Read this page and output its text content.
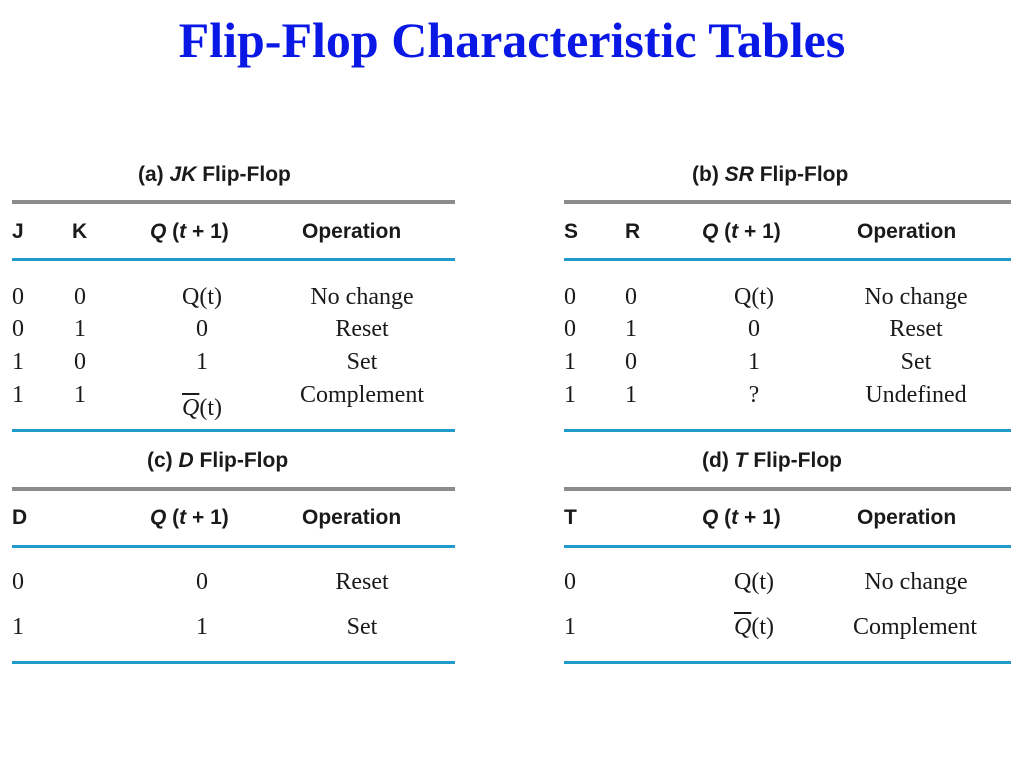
Flip-Flop Characteristic Tables
(a) JK Flip-Flop
J K	Q (t + 1)	Operation
0 0	Q(t)	No change
0 1	0	Reset
1 0	1	Set
1 1	$\overline{Q}(t)$	Complement
(b) SR Flip-Flop
S R	Q (t + 1)	Operation
0 0	Q(t)	No change
0 1	0	Reset
1 0	1	Set
1 1	?	Undefined
(c) D Flip-Flop
D	Q (t + 1)	Operation
0	0	Reset
1	1	Set
(d) T Flip-Flop
T	Q (t + 1)	Operation
0	Q(t)	No change
1	$\overline{Q}(t)$	Complement
